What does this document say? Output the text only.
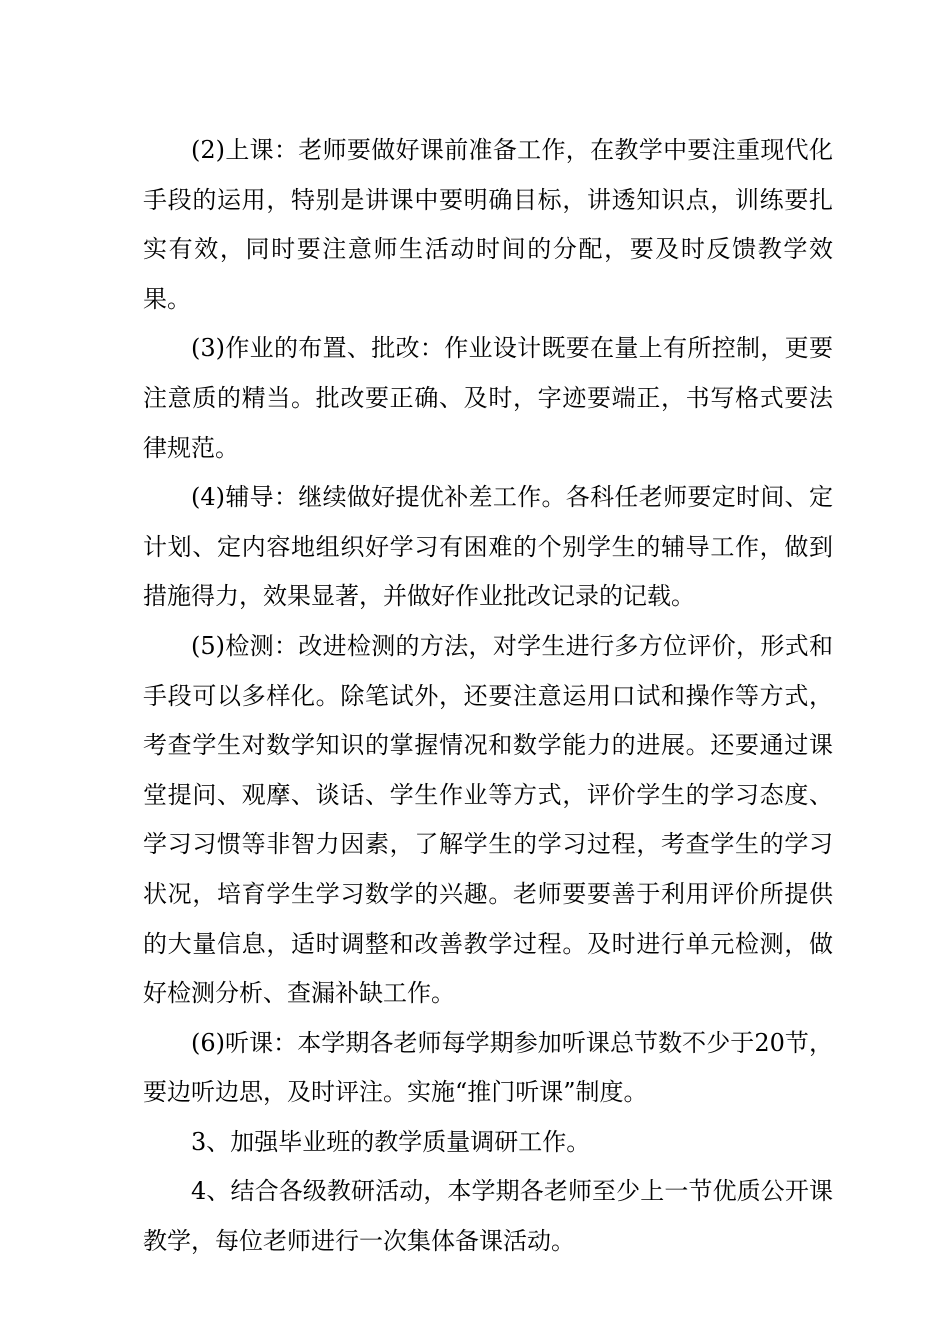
(2)上课：老师要做好课前准备工作，在教学中要注重现代化手段的运用，特别是讲课中要明确目标，讲透知识点，训练要扎实有效，同时要注意师生活动时间的分配，要及时反馈教学效果。

(3)作业的布置、批改：作业设计既要在量上有所控制，更要注意质的精当。批改要正确、及时，字迹要端正，书写格式要法律规范。

(4)辅导：继续做好提优补差工作。各科任老师要定时间、定计划、定内容地组织好学习有困难的个别学生的辅导工作，做到措施得力，效果显著，并做好作业批改记录的记载。

(5)检测：改进检测的方法，对学生进行多方位评价，形式和手段可以多样化。除笔试外，还要注意运用口试和操作等方式，考查学生对数学知识的掌握情况和数学能力的进展。还要通过课堂提问、观摩、谈话、学生作业等方式，评价学生的学习态度、学习习惯等非智力因素，了解学生的学习过程，考查学生的学习状况，培育学生学习数学的兴趣。老师要要善于利用评价所提供的大量信息，适时调整和改善教学过程。及时进行单元检测，做好检测分析、查漏补缺工作。

(6)听课：本学期各老师每学期参加听课总节数不少于20节，要边听边思，及时评注。实施“推门听课”制度。

3、加强毕业班的教学质量调研工作。

4、结合各级教研活动，本学期各老师至少上一节优质公开课教学，每位老师进行一次集体备课活动。
